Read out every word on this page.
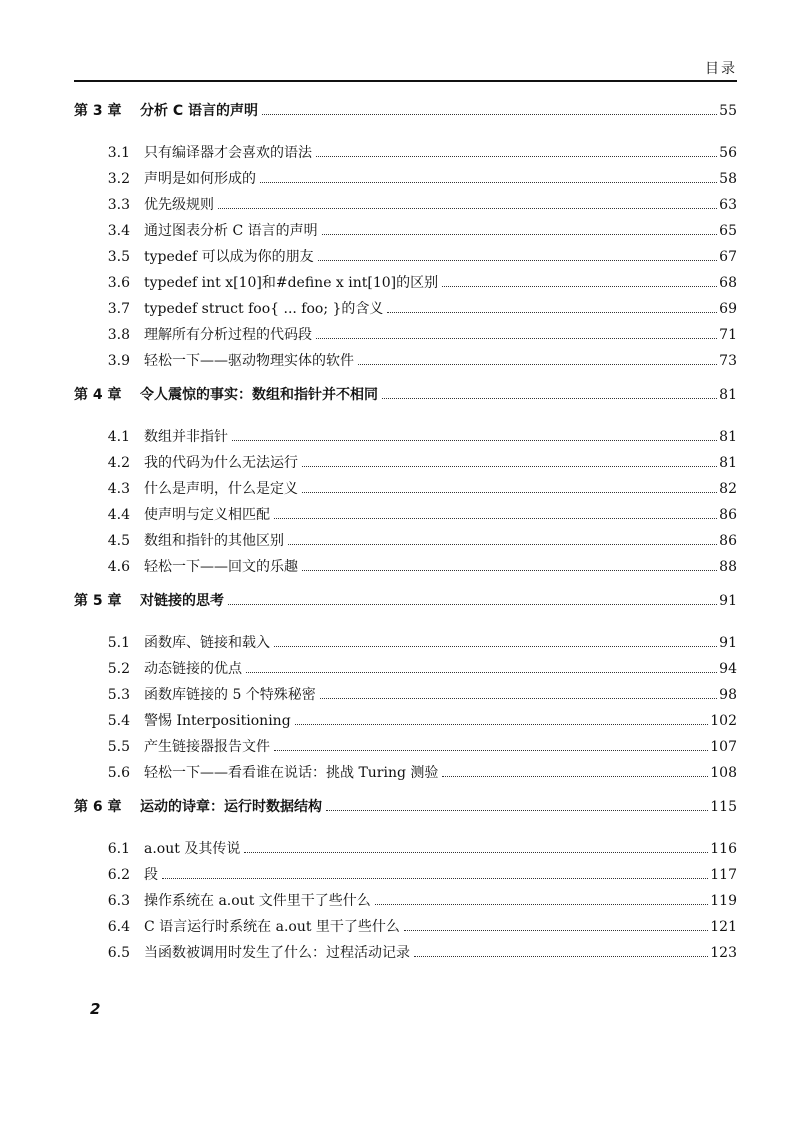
目录
第 3 章	分析 C 语言的声明	55
3.1	只有编译器才会喜欢的语法	56
3.2	声明是如何形成的	58
3.3	优先级规则	63
3.4	通过图表分析 C 语言的声明	65
3.5	typedef 可以成为你的朋友	67
3.6	typedef int x[10]和#define x int[10]的区别	68
3.7	typedef struct foo{ ... foo; }的含义	69
3.8	理解所有分析过程的代码段	71
3.9	轻松一下——驱动物理实体的软件	73
第 4 章	令人震惊的事实：数组和指针并不相同	81
4.1	数组并非指针	81
4.2	我的代码为什么无法运行	81
4.3	什么是声明，什么是定义	82
4.4	使声明与定义相匹配	86
4.5	数组和指针的其他区别	86
4.6	轻松一下——回文的乐趣	88
第 5 章	对链接的思考	91
5.1	函数库、链接和载入	91
5.2	动态链接的优点	94
5.3	函数库链接的 5 个特殊秘密	98
5.4	警惕 Interpositioning	102
5.5	产生链接器报告文件	107
5.6	轻松一下——看看谁在说话：挑战 Turing 测验	108
第 6 章	运动的诗章：运行时数据结构	115
6.1	a.out 及其传说	116
6.2	段	117
6.3	操作系统在 a.out 文件里干了些什么	119
6.4	C 语言运行时系统在 a.out 里干了些什么	121
6.5	当函数被调用时发生了什么：过程活动记录	123
2
